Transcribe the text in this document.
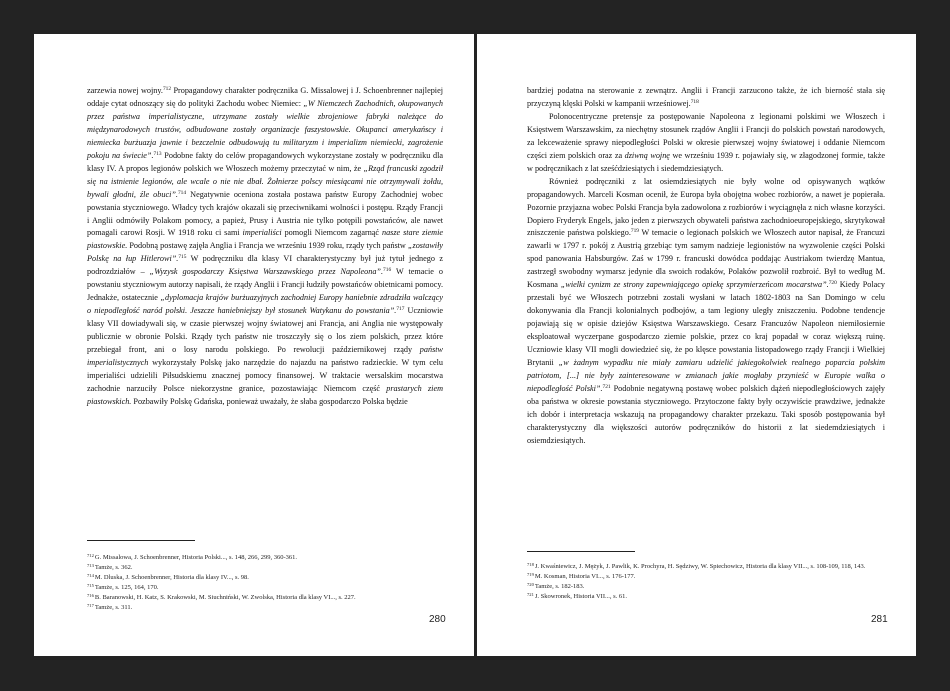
zarzewia nowej wojny.$^{712}$ Propagandowy charakter podręcznika G. Missalowej i J. Schoenbrenner najlepiej oddaje cytat odnoszący się do polityki Zachodu wobec Niemiec: „W Niemczech Zachodnich, okupowanych przez państwa imperialistyczne, utrzymane zostały wielkie zbrojeniowe fabryki należące do międzynarodowych trustów, odbudowane zostały organizacje faszystowskie. Okupanci amerykańscy i niemiecka burżuazja jawnie i bezczelnie odbudowują tu militaryzm i imperializm niemiecki, zagrożenie pokoju na świecie”.$^{713}$ Podobne fakty do celów propagandowych wykorzystane zostały w podręczniku dla klasy IV. A propos legionów polskich we Włoszech możemy przeczytać w nim, że „Rząd francuski zgodził się na istnienie legionów, ale wcale o nie nie dbał. Żołnierze polscy miesiącami nie otrzymywali żołdu, bywali głodni, źle obuci”.$^{714}$ Negatywnie oceniona została postawa państw Europy Zachodniej wobec powstania styczniowego. Władcy tych krajów okazali się przeciwnikami wolności i postępu. Rządy Francji i Anglii odmówiły Polakom pomocy, a papież, Prusy i Austria nie tylko potępili powstańców, ale nawet pomagali carowi Rosji. W 1918 roku ci sami imperialiści pomogli Niemcom zagarnąć nasze stare ziemie piastowskie. Podobną postawę zajęła Anglia i Francja we wrześniu 1939 roku, rządy tych państw „zostawiły Polskę na łup Hitlerowi”.$^{715}$ W podręczniku dla klasy VI charakterystyczny był już tytuł jednego z podrozdziałów – „Wyzysk gospodarczy Księstwa Warszawskiego przez Napoleona”.$^{716}$ W temacie o powstaniu styczniowym autorzy napisali, że rządy Anglii i Francji łudziły powstańców obietnicami pomocy. Jednakże, ostatecznie „dyplomacja krajów burżuazyjnych zachodniej Europy haniebnie zdradziła walczący o niepodległość naród polski. Jeszcze haniebniejszy był stosunek Watykanu do powstania”.$^{717}$ Uczniowie klasy VII dowiadywali się, w czasie pierwszej wojny światowej ani Francja, ani Anglia nie występowały publicznie w obronie Polski. Rządy tych państw nie troszczyły się o los ziem polskich, przez które przebiegał front, ani o losy narodu polskiego. Po rewolucji październikowej rządy państw imperialistycznych wykorzystały Polskę jako narzędzie do najazdu na państwo radzieckie. W tym celu imperialiści udzielili Piłsudskiemu znacznej pomocy finansowej. W traktacie wersalskim mocarstwa zachodnie narzuciły Polsce niekorzystne granice, pozostawiając Niemcom część prastarych ziem piastowskich. Pozbawiły Polskę Gdańska, ponieważ uważały, że słaba gospodarczo Polska będzie

$^{712}$G. Missalowa, J. Schoenbrenner, Historia Polski..., s. 148, 266, 299, 360-361.

$^{713}$Tamże, s. 362.

$^{714}$M. Dluska, J. Schoenbrenner, Historia dla klasy IV..., s. 98.

$^{715}$Tamże, s. 125, 164, 170.

$^{716}$B. Baranowski, H. Katz, S. Krakowski, M. Siuchniński, W. Zwolska, Historia dla klasy VI..., s. 227.

$^{717}$Tamże, s. 311.

280

bardziej podatna na sterowanie z zewnątrz. Anglii i Francji zarzucono także, że ich bierność stała się przyczyną klęski Polski w kampanii wrześniowej.$^{718}$

Polonocentryczne pretensje za postępowanie Napoleona z legionami polskimi we Włoszech i Księstwem Warszawskim, za niechętny stosunek rządów Anglii i Francji do polskich powstań narodowych, za lekceważenie sprawy niepodległości Polski w okresie pierwszej wojny światowej i oddanie Niemcom części ziem polskich oraz za dziwną wojnę we wrześniu 1939 r. pojawiały się, w złagodzonej formie, także w podręcznikach z lat sześćdziesiątych i siedemdziesiątych.

Również podręczniki z lat osiemdziesiątych nie były wolne od opisywanych wątków propagandowych. Marceli Kosman ocenił, że Europa była obojętna wobec rozbiorów, a nawet je popierała. Pozornie przyjazna wobec Polski Francja była zadowolona z rozbiorów i wyciągnęła z nich własne korzyści. Dopiero Fryderyk Engels, jako jeden z pierwszych obywateli państwa zachodnioeuropejskiego, skrytykował zniszczenie państwa polskiego.$^{719}$ W temacie o legionach polskich we Włoszech autor napisał, że Francuzi zawarli w 1797 r. pokój z Austrią grzebiąc tym samym nadzieje legionistów na wyzwolenie części Polski spod panowania Habsburgów. Zaś w 1799 r. francuski dowódca poddając Austriakom twierdzę Mantua, zastrzegł swobodny wymarsz jedynie dla swoich rodaków, Polaków pozwolił rozbroić. Był to według M. Kosmana „wielki cynizm ze strony zapewniającego opiekę sprzymierzeńcom mocarstwa”.$^{720}$ Kiedy Polacy przestali być we Włoszech potrzebni zostali wysłani w latach 1802-1803 na San Domingo w celu dokonywania dla Francji kolonialnych podbojów, a tam legiony uległy zniszczeniu. Podobne tendencje pojawiają się w opisie dziejów Księstwa Warszawskiego. Cesarz Francuzów Napoleon niemiłosiernie eksploatował wyczerpane gospodarczo ziemie polskie, przez co kraj popadał w coraz większą ruinę. Uczniowie klasy VII mogli dowiedzieć się, że po klęsce powstania listopadowego rządy Francji i Wielkiej Brytanii „w żadnym wypadku nie miały zamiaru udzielić jakiegokolwiek realnego poparcia polskim patriotom, [...] nie były zainteresowane w zmianach jakie mogłaby przynieść w Europie walka o niepodległość Polski”.$^{721}$ Podobnie negatywną postawę wobec polskich dążeń niepodległościowych zajęły oba państwa w okresie powstania styczniowego. Przytoczone fakty były oczywiście prawdziwe, jednakże ich dobór i interpretacja wskazują na propagandowy charakter przekazu. Taki sposób postępowania był charakterystyczny dla większości autorów podręczników do historii z lat siedemdziesiątych i osiemdziesiątych.

$^{718}$J. Kwaśniewicz, J. Mężyk, J. Pawlik, K. Prochyra, H. Sędziwy, W. Spiechowicz, Historia dla klasy VII..., s. 108-109, 118, 143.

$^{719}$M. Kosman, Historia VI..., s. 176-177.

$^{720}$Tamże, s. 182-183.

$^{721}$J. Skowronek, Historia VII..., s. 61.

281
